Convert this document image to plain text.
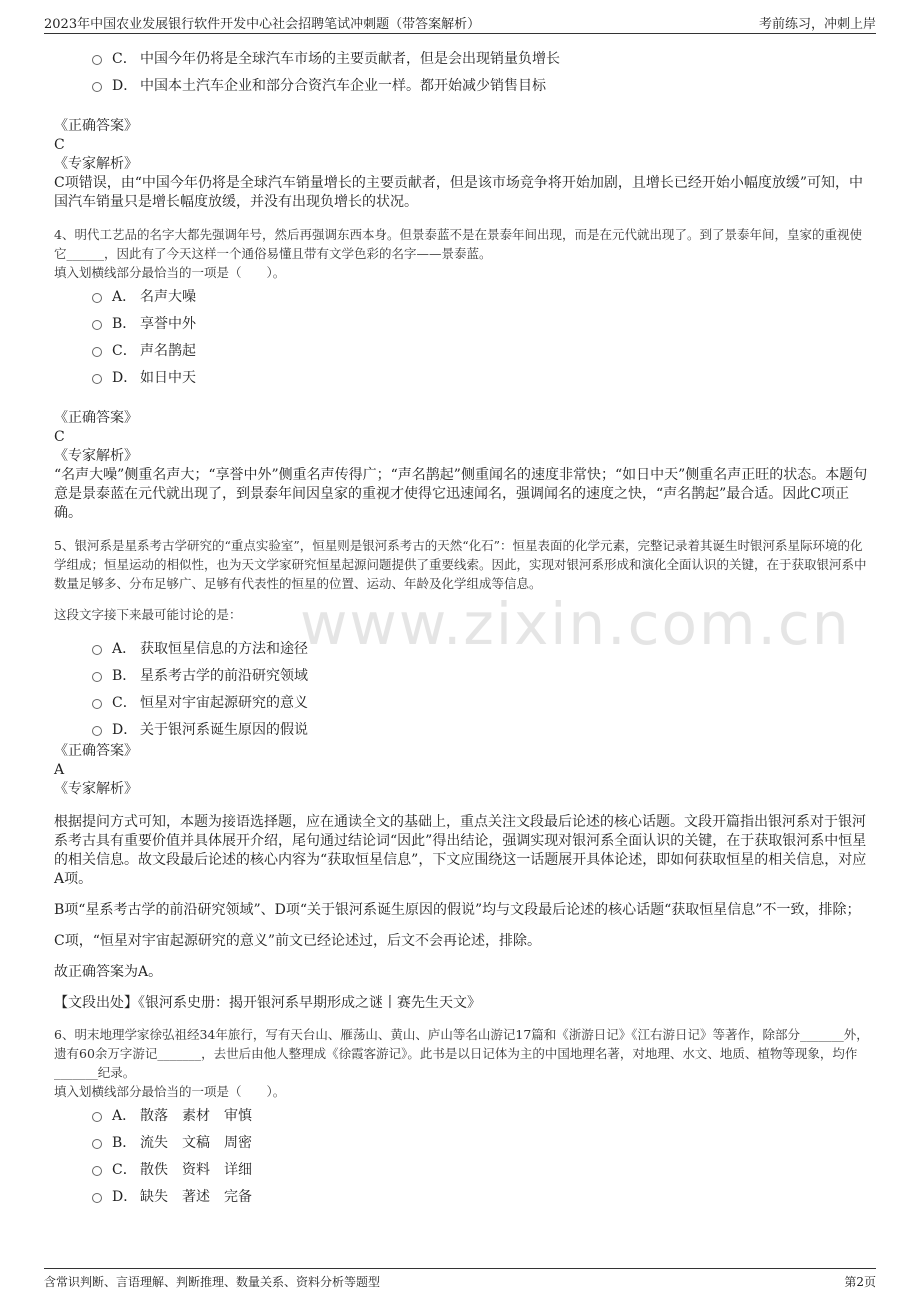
2023年中国农业发展银行软件开发中心社会招聘笔试冲刺题（带答案解析）	考前练习，冲刺上岸
www.zixin.com.cn
C． 中国今年仍将是全球汽车市场的主要贡献者，但是会出现销量负增长
D． 中国本土汽车企业和部分合资汽车企业一样。都开始减少销售目标
《正确答案》
C
《专家解析》
C项错误，由“中国今年仍将是全球汽车销量增长的主要贡献者，但是该市场竞争将开始加剧，且增长已经开始小幅度放缓”可知，中国汽车销量只是增长幅度放缓，并没有出现负增长的状况。
4、明代工艺品的名字大都先强调年号，然后再强调东西本身。但景泰蓝不是在景泰年间出现，而是在元代就出现了。到了景泰年间，皇家的重视使它______，因此有了今天这样一个通俗易懂且带有文学色彩的名字——景泰蓝。
填入划横线部分最恰当的一项是（　　）。
A． 名声大噪
B． 享誉中外
C． 声名鹊起
D． 如日中天
《正确答案》
C
《专家解析》
“名声大噪”侧重名声大；“享誉中外”侧重名声传得广；“声名鹊起”侧重闻名的速度非常快；“如日中天”侧重名声正旺的状态。本题句意是景泰蓝在元代就出现了，到景泰年间因皇家的重视才使得它迅速闻名，强调闻名的速度之快，“声名鹊起”最合适。因此C项正确。
5、银河系是星系考古学研究的“重点实验室”，恒星则是银河系考古的天然“化石”：恒星表面的化学元素，完整记录着其诞生时银河系星际环境的化学组成；恒星运动的相似性，也为天文学家研究恒星起源问题提供了重要线索。因此，实现对银河系形成和演化全面认识的关键，在于获取银河系中数量足够多、分布足够广、足够有代表性的恒星的位置、运动、年龄及化学组成等信息。
这段文字接下来最可能讨论的是：
A． 获取恒星信息的方法和途径
B． 星系考古学的前沿研究领域
C． 恒星对宇宙起源研究的意义
D． 关于银河系诞生原因的假说
《正确答案》
A
《专家解析》
根据提问方式可知，本题为接语选择题，应在通读全文的基础上，重点关注文段最后论述的核心话题。文段开篇指出银河系对于银河系考古具有重要价值并具体展开介绍，尾句通过结论词“因此”得出结论，强调实现对银河系全面认识的关键，在于获取银河系中恒星的相关信息。故文段最后论述的核心内容为“获取恒星信息”，下文应围绕这一话题展开具体论述，即如何获取恒星的相关信息，对应A项。
B项“星系考古学的前沿研究领域”、D项“关于银河系诞生原因的假说”均与文段最后论述的核心话题“获取恒星信息”不一致，排除；
C项，“恒星对宇宙起源研究的意义”前文已经论述过，后文不会再论述，排除。
故正确答案为A。
【文段出处】《银河系史册：揭开银河系早期形成之谜丨赛先生天文》
6、明末地理学家徐弘祖经34年旅行，写有天台山、雁荡山、黄山、庐山等名山游记17篇和《浙游日记》《江右游日记》等著作，除部分_______外，遗有60余万字游记_______，去世后由他人整理成《徐霞客游记》。此书是以日记体为主的中国地理名著，对地理、水文、地质、植物等现象，均作_______纪录。
填入划横线部分最恰当的一项是（　　）。
A． 散落　素材　审慎
B． 流失　文稿　周密
C． 散佚　资料　详细
D． 缺失　著述　完备
含常识判断、言语理解、判断推理、数量关系、资料分析等题型	第2页
